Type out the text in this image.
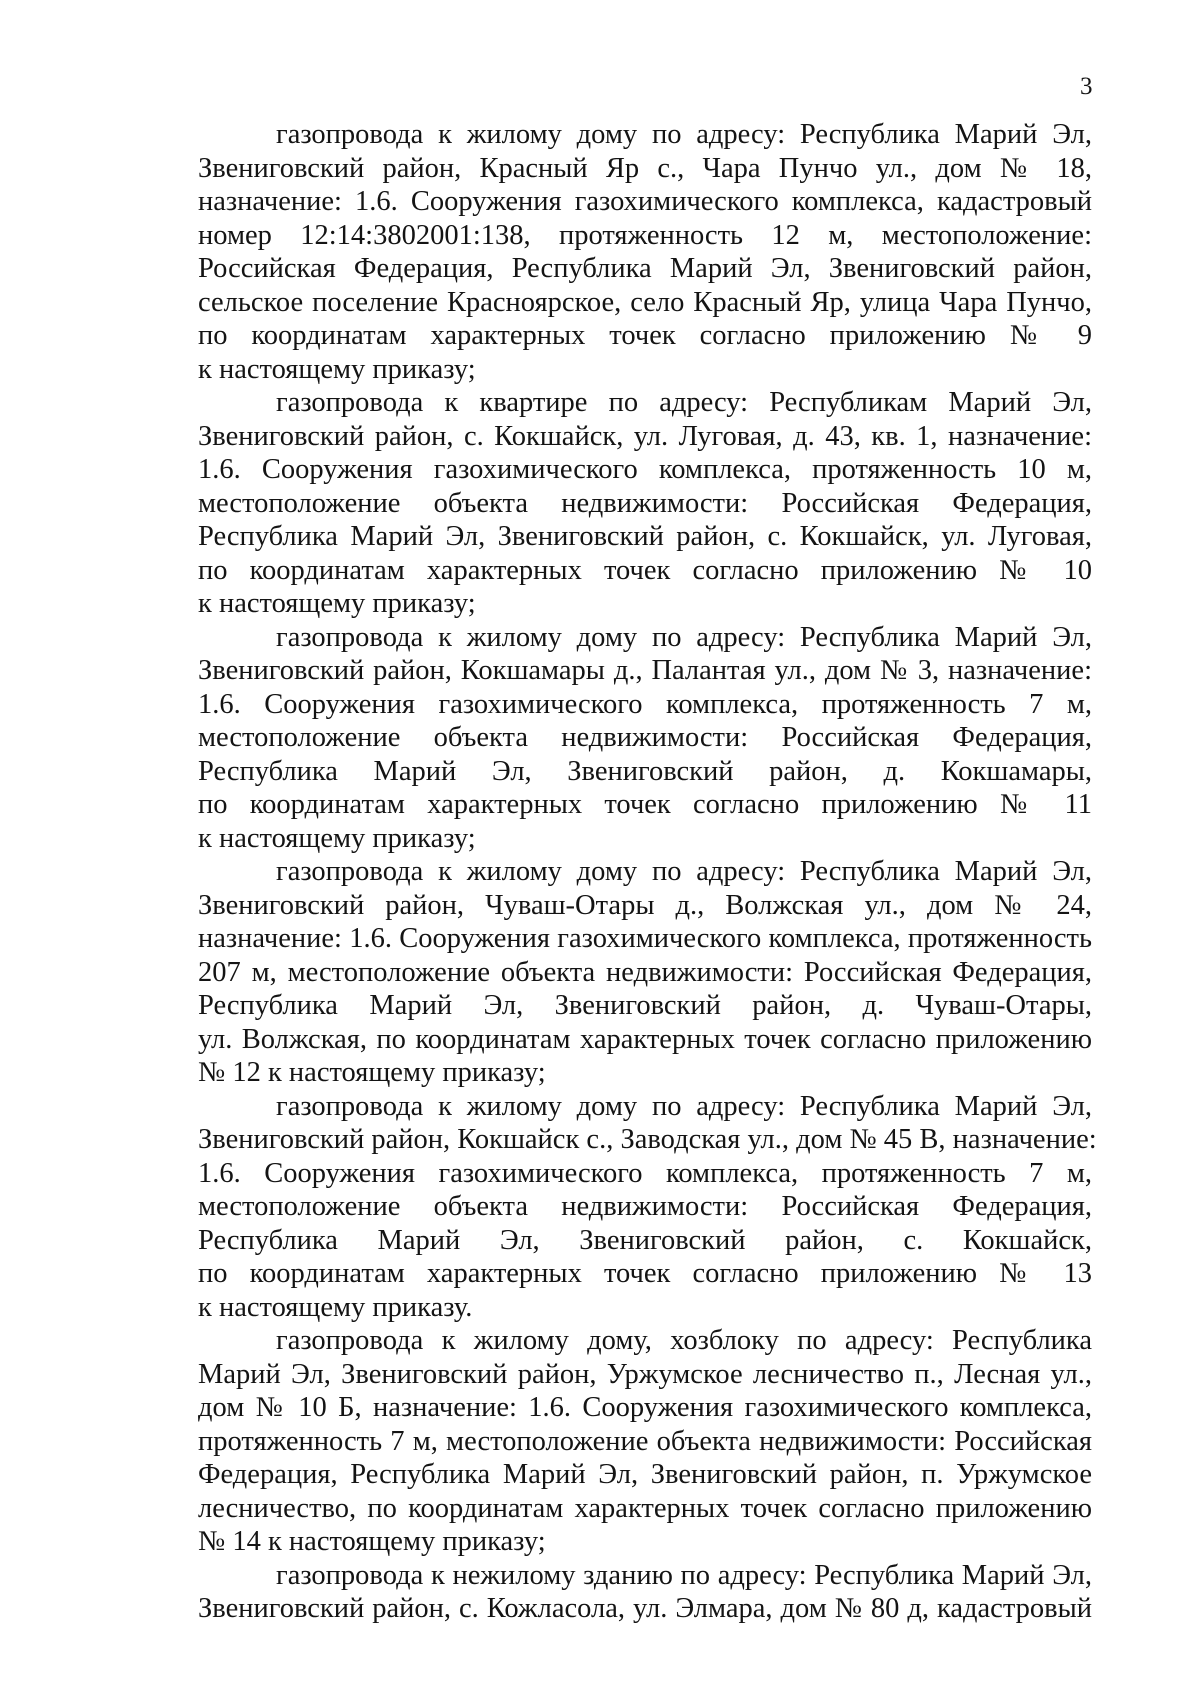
3
газопровода к жилому дому по адресу: Республика Марий Эл,
Звениговский район, Красный Яр с., Чара Пунчо ул., дом № 18,
назначение: 1.6. Сооружения газохимического комплекса, кадастровый
номер 12:14:3802001:138, протяженность 12 м, местоположение:
Российская Федерация, Республика Марий Эл, Звениговский район,
сельское поселение Красноярское, село Красный Яр, улица Чара Пунчо,
по координатам характерных точек согласно приложению № 9
к настоящему приказу;
газопровода к квартире по адресу: Республикам Марий Эл,
Звениговский район, с. Кокшайск, ул. Луговая, д. 43, кв. 1, назначение:
1.6. Сооружения газохимического комплекса, протяженность 10 м,
местоположение объекта недвижимости: Российская Федерация,
Республика Марий Эл, Звениговский район, с. Кокшайск, ул. Луговая,
по координатам характерных точек согласно приложению № 10
к настоящему приказу;
газопровода к жилому дому по адресу: Республика Марий Эл,
Звениговский район, Кокшамары д., Палантая ул., дом № 3, назначение:
1.6. Сооружения газохимического комплекса, протяженность 7 м,
местоположение объекта недвижимости: Российская Федерация,
Республика Марий Эл, Звениговский район, д. Кокшамары,
по координатам характерных точек согласно приложению № 11
к настоящему приказу;
газопровода к жилому дому по адресу: Республика Марий Эл,
Звениговский район, Чуваш-Отары д., Волжская ул., дом № 24,
назначение: 1.6. Сооружения газохимического комплекса, протяженность
207 м, местоположение объекта недвижимости: Российская Федерация,
Республика Марий Эл, Звениговский район, д. Чуваш-Отары,
ул. Волжская, по координатам характерных точек согласно приложению
№ 12 к настоящему приказу;
газопровода к жилому дому по адресу: Республика Марий Эл,
Звениговский район, Кокшайск с., Заводская ул., дом № 45 В, назначение:
1.6. Сооружения газохимического комплекса, протяженность 7 м,
местоположение объекта недвижимости: Российская Федерация,
Республика Марий Эл, Звениговский район, с. Кокшайск,
по координатам характерных точек согласно приложению № 13
к настоящему приказу.
газопровода к жилому дому, хозблоку по адресу: Республика
Марий Эл, Звениговский район, Уржумское лесничество п., Лесная ул.,
дом № 10 Б, назначение: 1.6. Сооружения газохимического комплекса,
протяженность 7 м, местоположение объекта недвижимости: Российская
Федерация, Республика Марий Эл, Звениговский район, п. Уржумское
лесничество, по координатам характерных точек согласно приложению
№ 14 к настоящему приказу;
газопровода к нежилому зданию по адресу: Республика Марий Эл,
Звениговский район, с. Кожласола, ул. Элмара, дом № 80 д, кадастровый
